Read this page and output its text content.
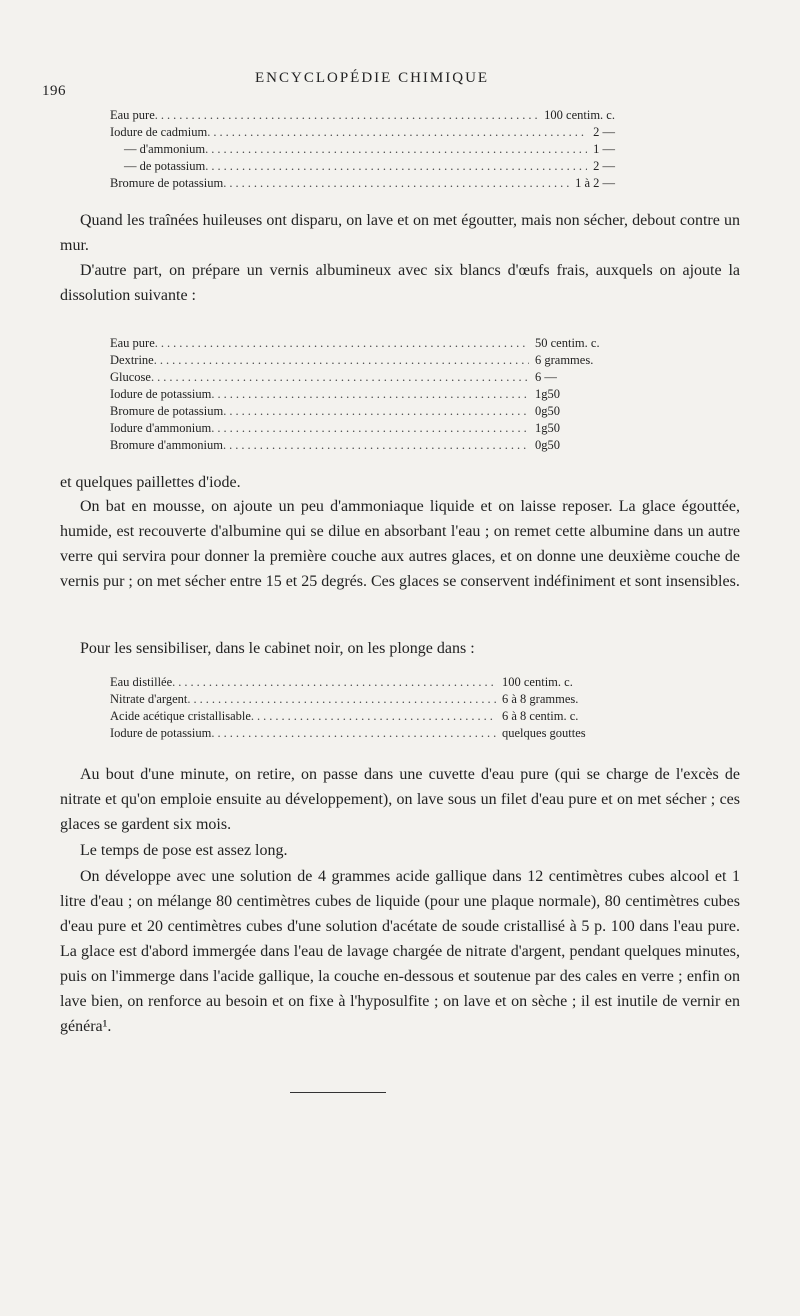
196
ENCYCLOPÉDIE CHIMIQUE
Eau pure .....	100 centim. c.
Iodure de cadmium .....	2 —
— d'ammonium .....	1 —
— de potassium .....	2 —
Bromure de potassium .....	1 à 2 —
Quand les traînées huileuses ont disparu, on lave et on met égoutter, mais non sécher, debout contre un mur.
D'autre part, on prépare un vernis albumineux avec six blancs d'œufs frais, auxquels on ajoute la dissolution suivante :
Eau pure .....	50 centim. c.
Dextrine .....	6 grammes.
Glucose .....	6 —
Iodure de potassium .....	1g50
Bromure de potassium .....	0g50
Iodure d'ammonium .....	1g50
Bromure d'ammonium .....	0g50
et quelques paillettes d'iode.
On bat en mousse, on ajoute un peu d'ammoniaque liquide et on laisse reposer. La glace égouttée, humide, est recouverte d'albumine qui se dilue en absorbant l'eau ; on remet cette albumine dans un autre verre qui servira pour donner la première couche aux autres glaces, et on donne une deuxième couche de vernis pur ; on met sécher entre 15 et 25 degrés. Ces glaces se conservent indéfiniment et sont insensibles.
Pour les sensibiliser, dans le cabinet noir, on les plonge dans :
Eau distillée .....	100 centim. c.
Nitrate d'argent .....	6 à 8 grammes.
Acide acétique cristallisable .....	6 à 8 centim. c.
Iodure de potassium .....	quelques gouttes
Au bout d'une minute, on retire, on passe dans une cuvette d'eau pure (qui se charge de l'excès de nitrate et qu'on emploie ensuite au développement), on lave sous un filet d'eau pure et on met sécher ; ces glaces se gardent six mois.
Le temps de pose est assez long.
On développe avec une solution de 4 grammes acide gallique dans 12 centimètres cubes alcool et 1 litre d'eau ; on mélange 80 centimètres cubes de liquide (pour une plaque normale), 80 centimètres cubes d'eau pure et 20 centimètres cubes d'une solution d'acétate de soude cristallisé à 5 p. 100 dans l'eau pure. La glace est d'abord immergée dans l'eau de lavage chargée de nitrate d'argent, pendant quelques minutes, puis on l'immerge dans l'acide gallique, la couche en-dessous et soutenue par des cales en verre ; enfin on lave bien, on renforce au besoin et on fixe à l'hyposulfite ; on lave et on sèche ; il est inutile de vernir en généra¹.
